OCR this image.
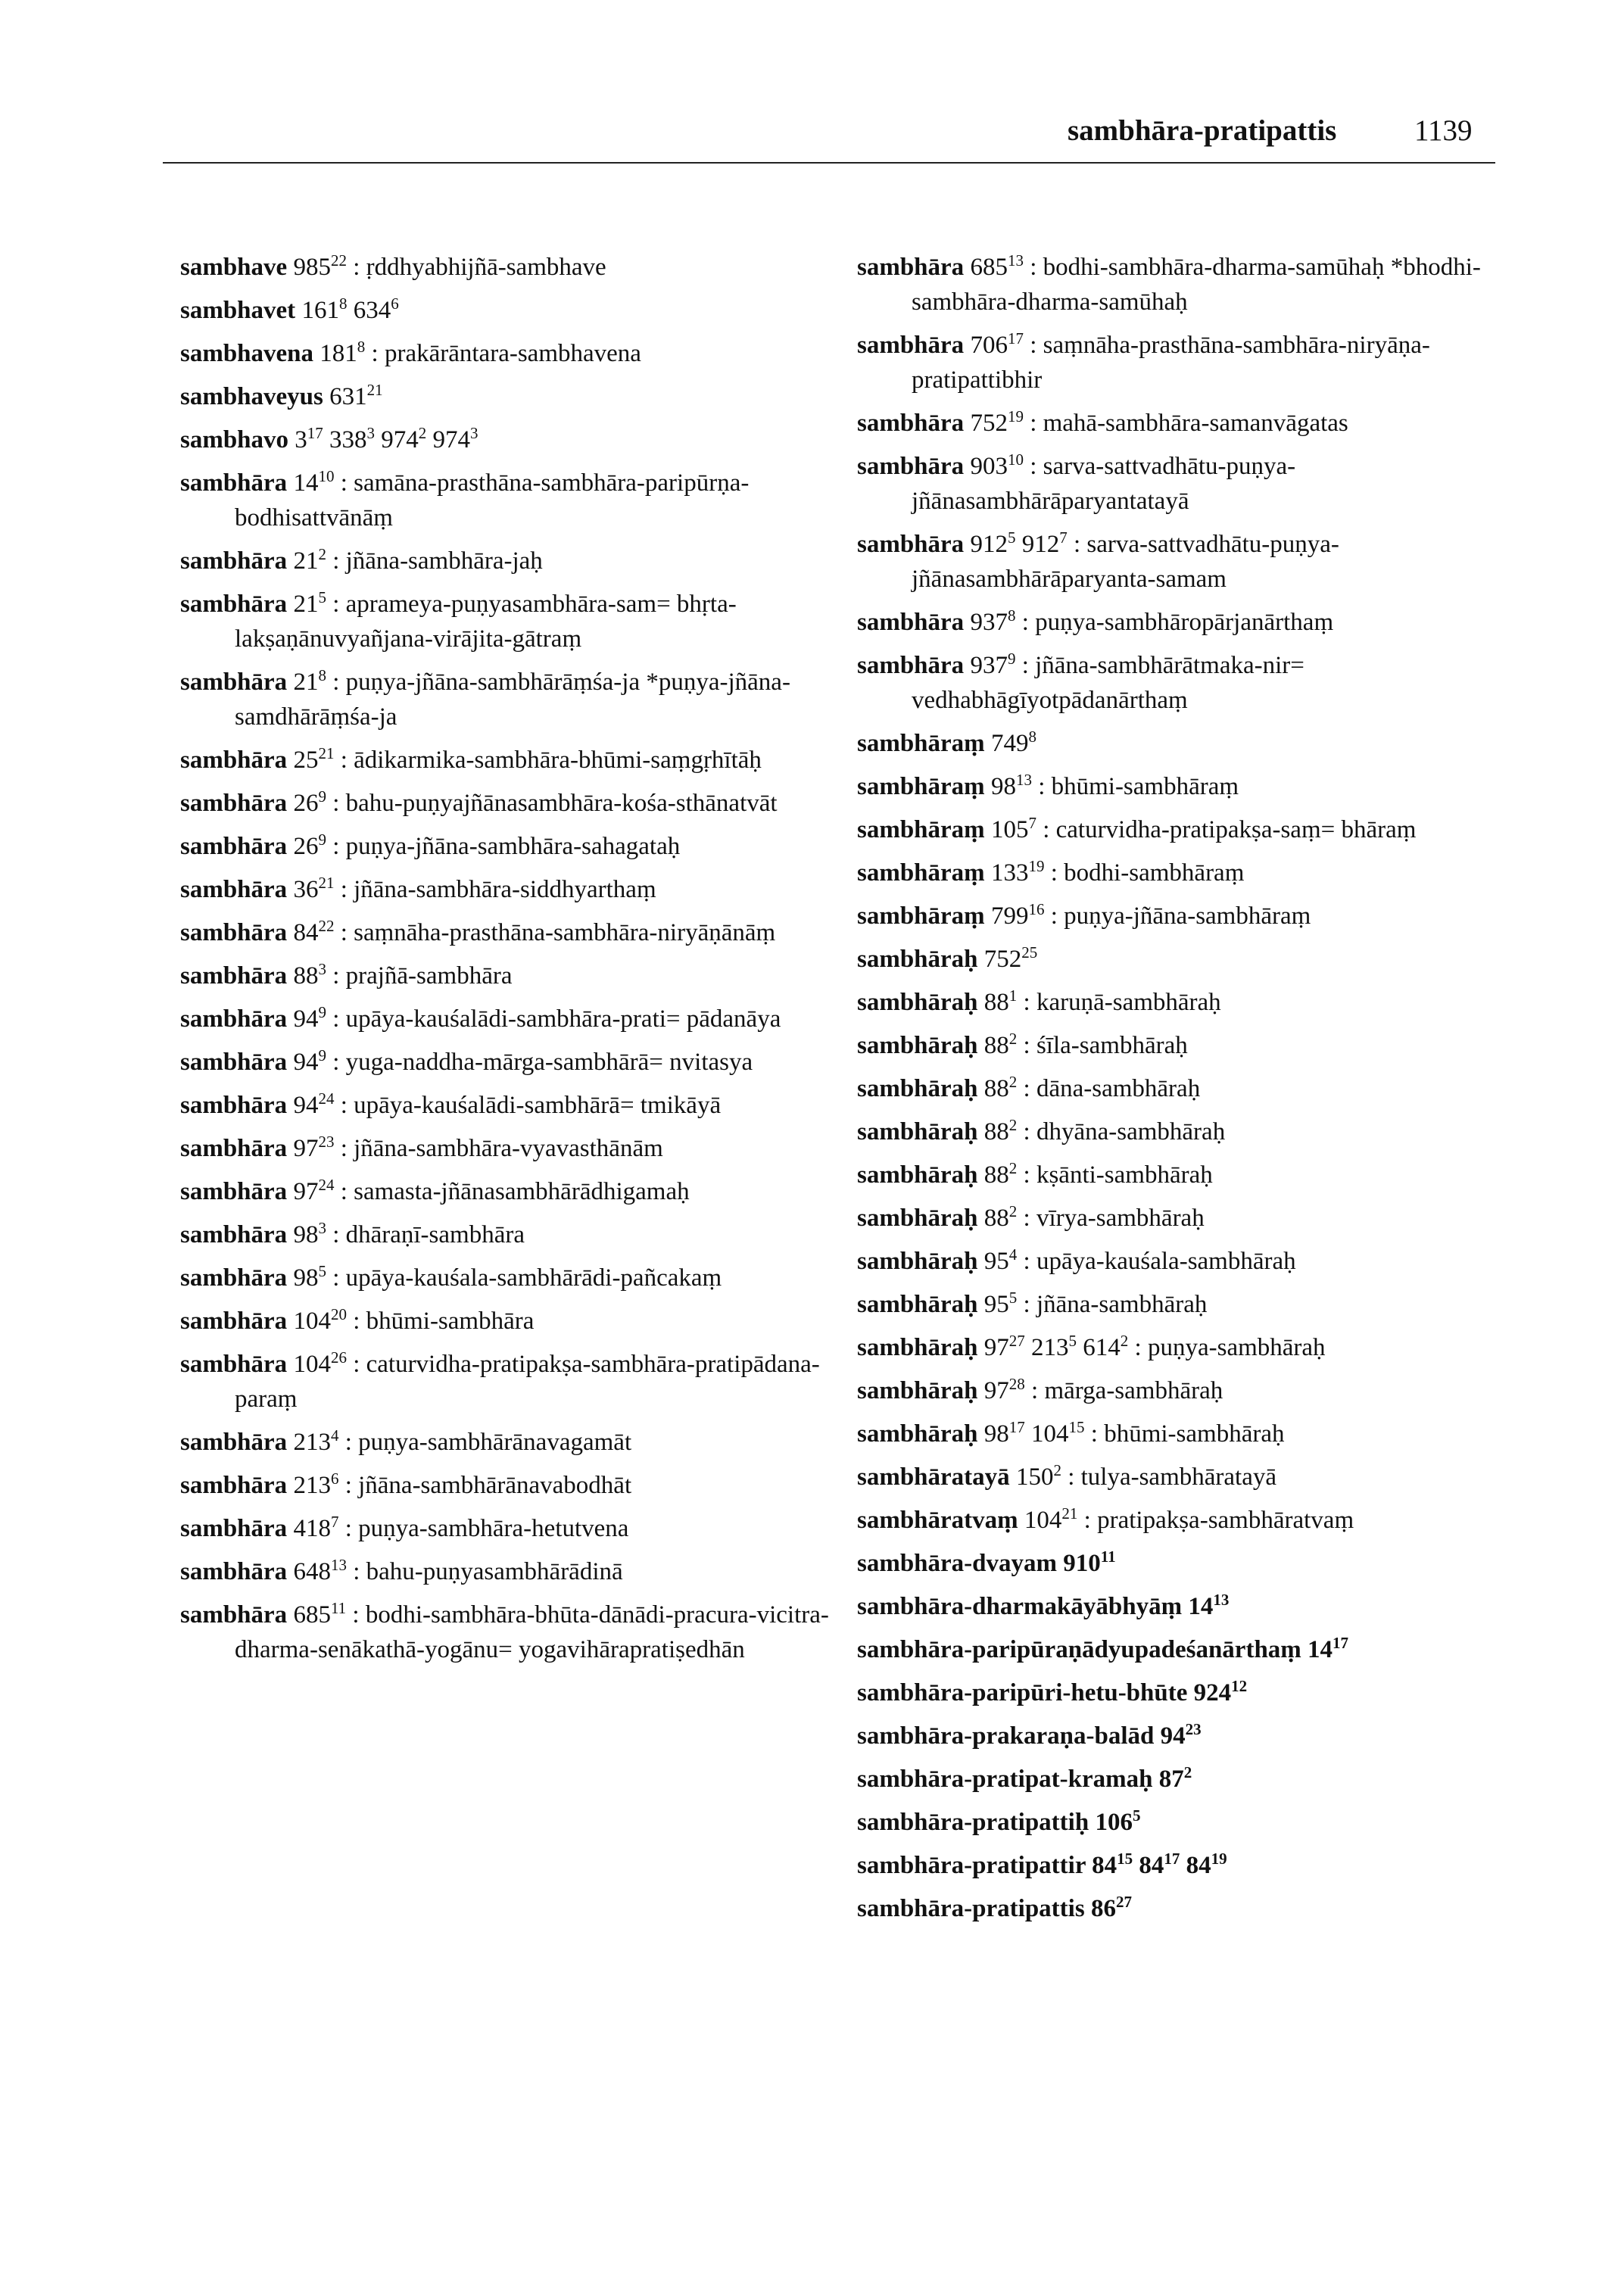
sambhāra-pratipattis	1139

sambhave $985^{22}$ : ṛddhyabhijñā-sambhave

sambhavet $161^8$ $634^6$

sambhavena $181^8$ : prakārāntara-sambhavena

sambhaveyus $631^{21}$

sambhavo $3^{17}$ $338^3$ $974^2$ $974^3$

sambhāra $14^{10}$ : samāna-prasthāna-sambhāra-paripūrṇa-bodhisattvānāṃ

sambhāra $21^2$ : jñāna-sambhāra-jaḥ

sambhāra $21^5$ : aprameya-puṇyasambhāra-sam= bhṛta-lakṣaṇānuvyañjana-virājita-gātraṃ

sambhāra $21^8$ : puṇya-jñāna-sambhārāṃśa-ja *puṇya-jñāna-samdhārāṃśa-ja

sambhāra $25^{21}$ : ādikarmika-sambhāra-bhūmi-saṃgṛhītāḥ

sambhāra $26^9$ : bahu-puṇyajñānasambhāra-kośa-sthānatvāt

sambhāra $26^9$ : puṇya-jñāna-sambhāra-sahagataḥ

sambhāra $36^{21}$ : jñāna-sambhāra-siddhyarthaṃ

sambhāra $84^{22}$ : saṃnāha-prasthāna-sambhāra-niryāṇānāṃ

sambhāra $88^3$ : prajñā-sambhāra

sambhāra $94^9$ : upāya-kauśalādi-sambhāra-prati= pādanāya

sambhāra $94^9$ : yuga-naddha-mārga-sambhārā= nvitasya

sambhāra $94^{24}$ : upāya-kauśalādi-sambhārā= tmikāyā

sambhāra $97^{23}$ : jñāna-sambhāra-vyavasthānām

sambhāra $97^{24}$ : samasta-jñānasambhārādhigamaḥ

sambhāra $98^3$ : dhāraṇī-sambhāra

sambhāra $98^5$ : upāya-kauśala-sambhārādi-pañcakaṃ

sambhāra $104^{20}$ : bhūmi-sambhāra

sambhāra $104^{26}$ : caturvidha-pratipakṣa-sambhāra-pratipādana-paraṃ

sambhāra $213^4$ : puṇya-sambhārānavagamāt

sambhāra $213^6$ : jñāna-sambhārānavabodhāt

sambhāra $418^7$ : puṇya-sambhāra-hetutvena

sambhāra $648^{13}$ : bahu-puṇyasambhārādinā

sambhāra $685^{11}$ : bodhi-sambhāra-bhūta-dānādi-pracura-vicitra-dharma-senākathā-yogānu= yogavihārapratiṣedhān

sambhāra $685^{13}$ : bodhi-sambhāra-dharma-samūhaḥ *bhodhi-sambhāra-dharma-samūhaḥ

sambhāra $706^{17}$ : saṃnāha-prasthāna-sambhāra-niryāṇa-pratipattibhir

sambhāra $752^{19}$ : mahā-sambhāra-samanvāgatas

sambhāra $903^{10}$ : sarva-sattvadhātu-puṇya-jñānasambhārāparyantatayā

sambhāra $912^5$ $912^7$ : sarva-sattvadhātu-puṇya-jñānasambhārāparyanta-samam

sambhāra $937^8$ : puṇya-sambhāropārjanārthaṃ

sambhāra $937^9$ : jñāna-sambhārātmaka-nir= vedhabhāgīyotpādanārthaṃ

sambhāraṃ $749^8$

sambhāraṃ $98^{13}$ : bhūmi-sambhāraṃ

sambhāraṃ $105^7$ : caturvidha-pratipakṣa-saṃ= bhāraṃ

sambhāraṃ $133^{19}$ : bodhi-sambhāraṃ

sambhāraṃ $799^{16}$ : puṇya-jñāna-sambhāraṃ

sambhāraḥ $752^{25}$

sambhāraḥ $88^1$ : karuṇā-sambhāraḥ

sambhāraḥ $88^2$ : śīla-sambhāraḥ

sambhāraḥ $88^2$ : dāna-sambhāraḥ

sambhāraḥ $88^2$ : dhyāna-sambhāraḥ

sambhāraḥ $88^2$ : kṣānti-sambhāraḥ

sambhāraḥ $88^2$ : vīrya-sambhāraḥ

sambhāraḥ $95^4$ : upāya-kauśala-sambhāraḥ

sambhāraḥ $95^5$ : jñāna-sambhāraḥ

sambhāraḥ $97^{27}$ $213^5$ $614^2$ : puṇya-sambhāraḥ

sambhāraḥ $97^{28}$ : mārga-sambhāraḥ

sambhāraḥ $98^{17}$ $104^{15}$ : bhūmi-sambhāraḥ

sambhāratayā $150^2$ : tulya-sambhāratayā

sambhāratvaṃ $104^{21}$ : pratipakṣa-sambhāratvaṃ

sambhāra-dvayam $910^{11}$

sambhāra-dharmakāyābhyāṃ $14^{13}$

sambhāra-paripūraṇādyupadeśanārthaṃ $14^{17}$

sambhāra-paripūri-hetu-bhūte $924^{12}$

sambhāra-prakaraṇa-balād $94^{23}$

sambhāra-pratipat-kramaḥ $87^2$

sambhāra-pratipattiḥ $106^5$

sambhāra-pratipattir $84^{15}$ $84^{17}$ $84^{19}$

sambhāra-pratipattis $86^{27}$
